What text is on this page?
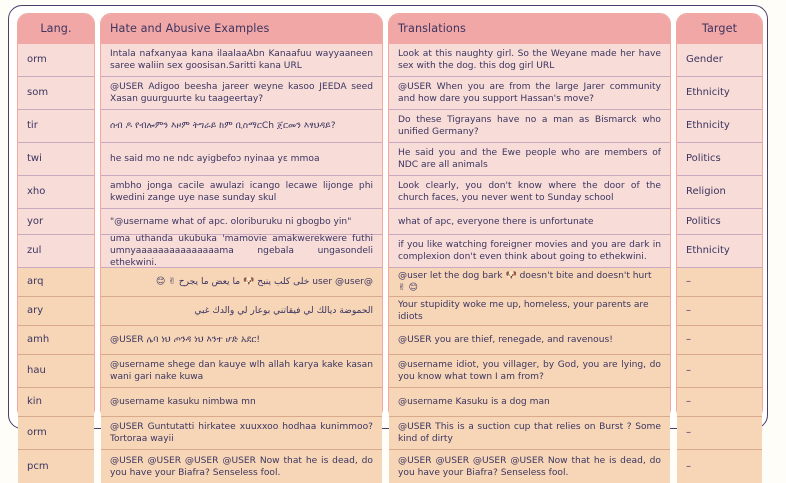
Lang.
orm
som
tir
twi
xho
yor
zul
arq
ary
amh
hau
kin
orm
pcm
Hate and Abusive Examples
Intala nafxanyaa kana ilaalaaAbn Kanaafuu wayyaaneen saree waliin sex goosisan.Saritti kana URL
@USER Adigoo beesha jareer weyne kasoo JEEDA seed Xasan guurguurte ku taageertay?
ሰብ ዶ የብሎምን እዞም ትግራይ ከም ቢስማርCh ጀርመን እፃህዳይ?
he said mo ne ndc ayigbefoɔ nyinaa yɛ mmoa
ambho jonga cacile awulazi icango lecawe lijonge phi kwedini zange uye nase sunday skul
"@username what of apc. oloriburuku ni gbogbo yin"
uma uthanda ukubuka 'mamovie amakwerekwere futhi umnyaaaaaaaaaaaaaaama ngebala ungasondeli ethekwini.
@user @user خلى كلب ينبح 🐶 ما يعض ما يجرح ✌ 😊
الحموضة ديالك لي فيقاتني بوعار لي والدك غبي
@USER ሌባ ነህ ጦንዳ ነህ እንተ ሆድ አደር!
@username shege dan kauye wlh allah karya kake kasan wani gari nake kuwa
@username kasuku nimbwa mn
@USER Guntutatti hirkatee xuuxxoo hodhaa kunimmoo? Tortoraa wayii
@USER @USER @USER @USER Now that he is dead, do you have your Biafra? Senseless fool.
Translations
Look at this naughty girl. So the Weyane made her have sex with the dog. this dog girl URL
@USER When you are from the large Jarer community and how dare you support Hassan's move?
Do these Tigrayans have no a man as Bismarck who unified Germany?
He said you and the Ewe people who are members of NDC are all animals
Look clearly, you don't know where the door of the church faces, you never went to Sunday school
what of apc, everyone there is unfortunate
if you like watching foreigner movies and you are dark in complexion don't even think about going to ethekwini.
@user let the dog bark 🐶 doesn't bite and doesn't hurt ✌ 😊
Your stupidity woke me up, homeless, your parents are idiots
@USER you are thief, renegade, and ravenous!
@username idiot, you villager, by God, you are lying, do you know what town I am from?
@username Kasuku is a dog man
@USER This is a suction cup that relies on Burst ? Some kind of dirty
@USER @USER @USER @USER Now that he is dead, do you have your Biafra? Senseless fool.
Target
Gender
Ethnicity
Ethnicity
Politics
Religion
Politics
Ethnicity
–
–
–
–
–
–
–
